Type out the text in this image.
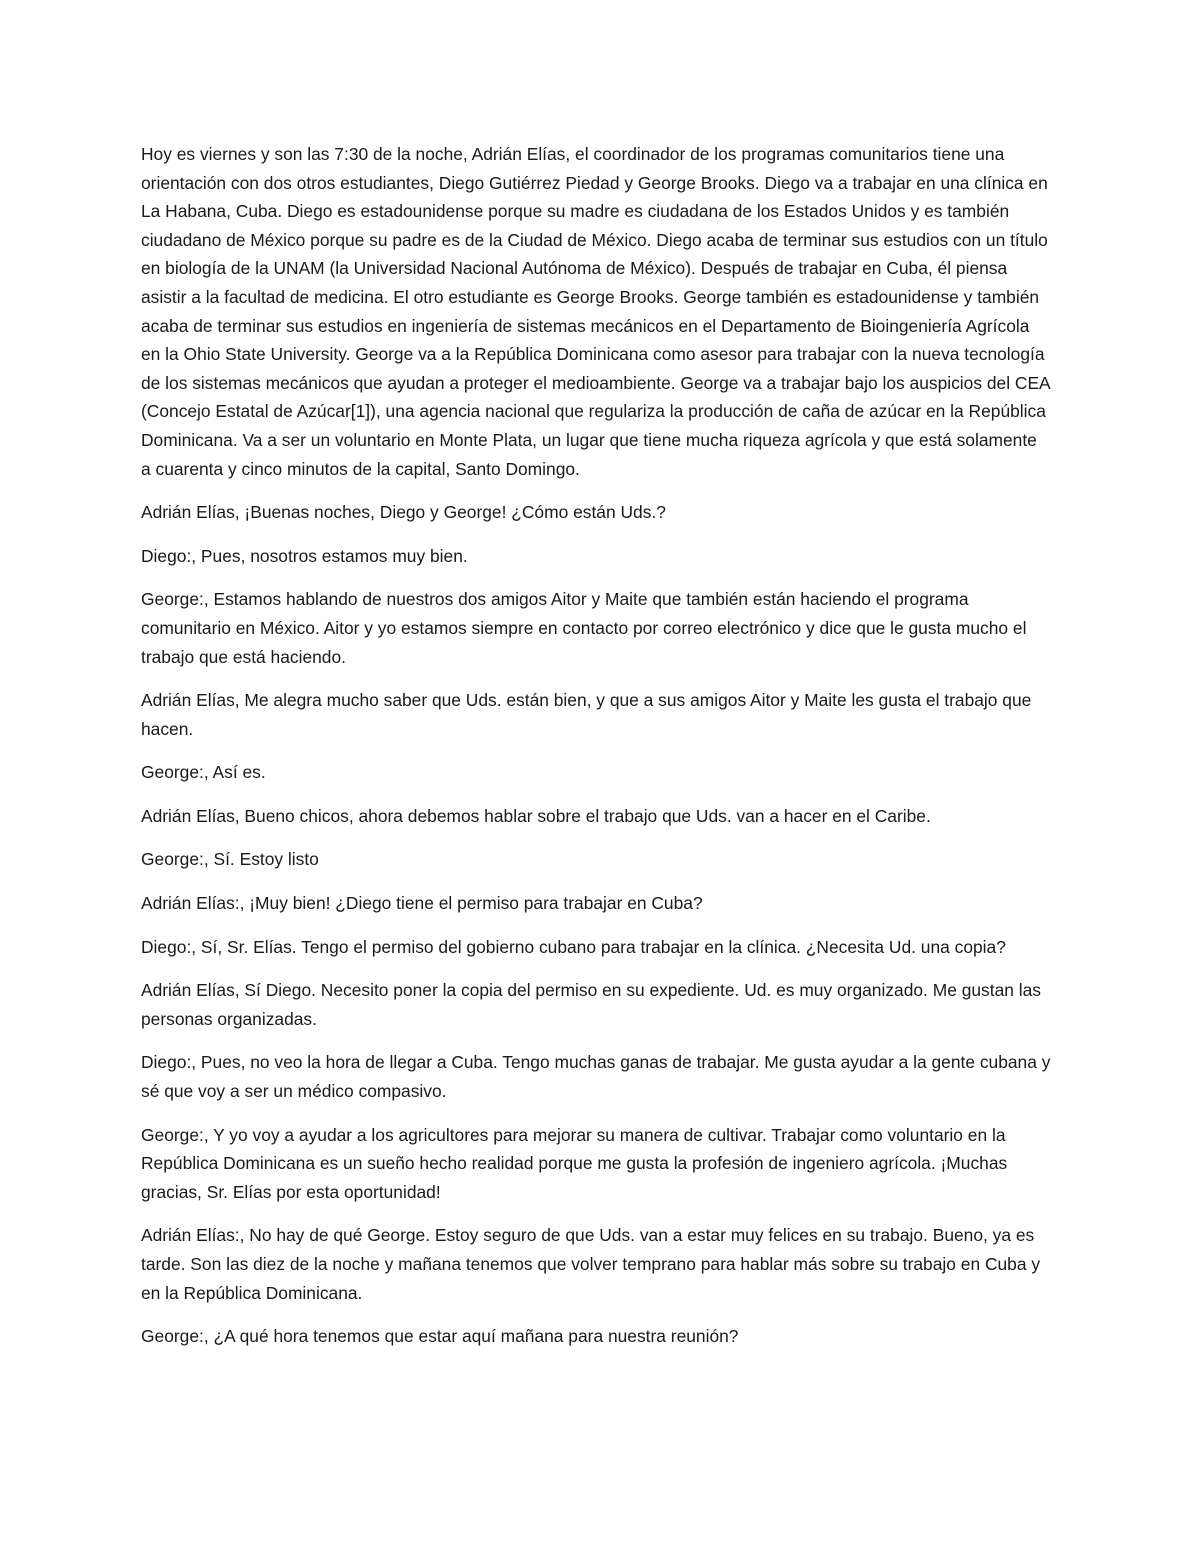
Hoy es viernes y son las 7:30 de la noche, Adrián Elías, el coordinador de los programas comunitarios tiene una orientación con dos otros estudiantes, Diego Gutiérrez Piedad y George Brooks. Diego va a trabajar en una clínica en La Habana, Cuba. Diego es estadounidense porque su madre es ciudadana de los Estados Unidos y es también ciudadano de México porque su padre es de la Ciudad de México. Diego acaba de terminar sus estudios con un título en biología de la UNAM (la Universidad Nacional Autónoma de México). Después de trabajar en Cuba, él piensa asistir a la facultad de medicina. El otro estudiante es George Brooks. George también es estadounidense y también acaba de terminar sus estudios en ingeniería de sistemas mecánicos en el Departamento de Bioingeniería Agrícola en la Ohio State University. George va a la República Dominicana como asesor para trabajar con la nueva tecnología de los sistemas mecánicos que ayudan a proteger el medioambiente. George va a trabajar bajo los auspicios del CEA (Concejo Estatal de Azúcar[1]), una agencia nacional que regulariza la producción de caña de azúcar en la República Dominicana. Va a ser un voluntario en Monte Plata, un lugar que tiene mucha riqueza agrícola y que está solamente a cuarenta y cinco minutos de la capital, Santo Domingo.

Adrián Elías, ¡Buenas noches, Diego y George! ¿Cómo están Uds.?

Diego:, Pues, nosotros estamos muy bien.

George:, Estamos hablando de nuestros dos amigos Aitor y Maite que también están haciendo el programa comunitario en México. Aitor y yo estamos siempre en contacto por correo electrónico y dice que le gusta mucho el trabajo que está haciendo.

Adrián Elías, Me alegra mucho saber que Uds. están bien, y que a sus amigos Aitor y Maite les gusta el trabajo que hacen.

George:, Así es.

Adrián Elías, Bueno chicos, ahora debemos hablar sobre el trabajo que Uds. van a hacer en el Caribe.

George:, Sí. Estoy listo

Adrián Elías:, ¡Muy bien! ¿Diego tiene el permiso para trabajar en Cuba?

Diego:, Sí, Sr. Elías. Tengo el permiso del gobierno cubano para trabajar en la clínica. ¿Necesita Ud. una copia?

Adrián Elías, Sí Diego. Necesito poner la copia del permiso en su expediente. Ud. es muy organizado. Me gustan las personas organizadas.

Diego:, Pues, no veo la hora de llegar a Cuba. Tengo muchas ganas de trabajar. Me gusta ayudar a la gente cubana y sé que voy a ser un médico compasivo.

George:, Y yo voy a ayudar a los agricultores para mejorar su manera de cultivar. Trabajar como voluntario en la República Dominicana es un sueño hecho realidad porque me gusta la profesión de ingeniero agrícola. ¡Muchas gracias, Sr. Elías por esta oportunidad!

Adrián Elías:, No hay de qué George. Estoy seguro de que Uds. van a estar muy felices en su trabajo. Bueno, ya es tarde. Son las diez de la noche y mañana tenemos que volver temprano para hablar más sobre su trabajo en Cuba y en la República Dominicana.

George:, ¿A qué hora tenemos que estar aquí mañana para nuestra reunión?
